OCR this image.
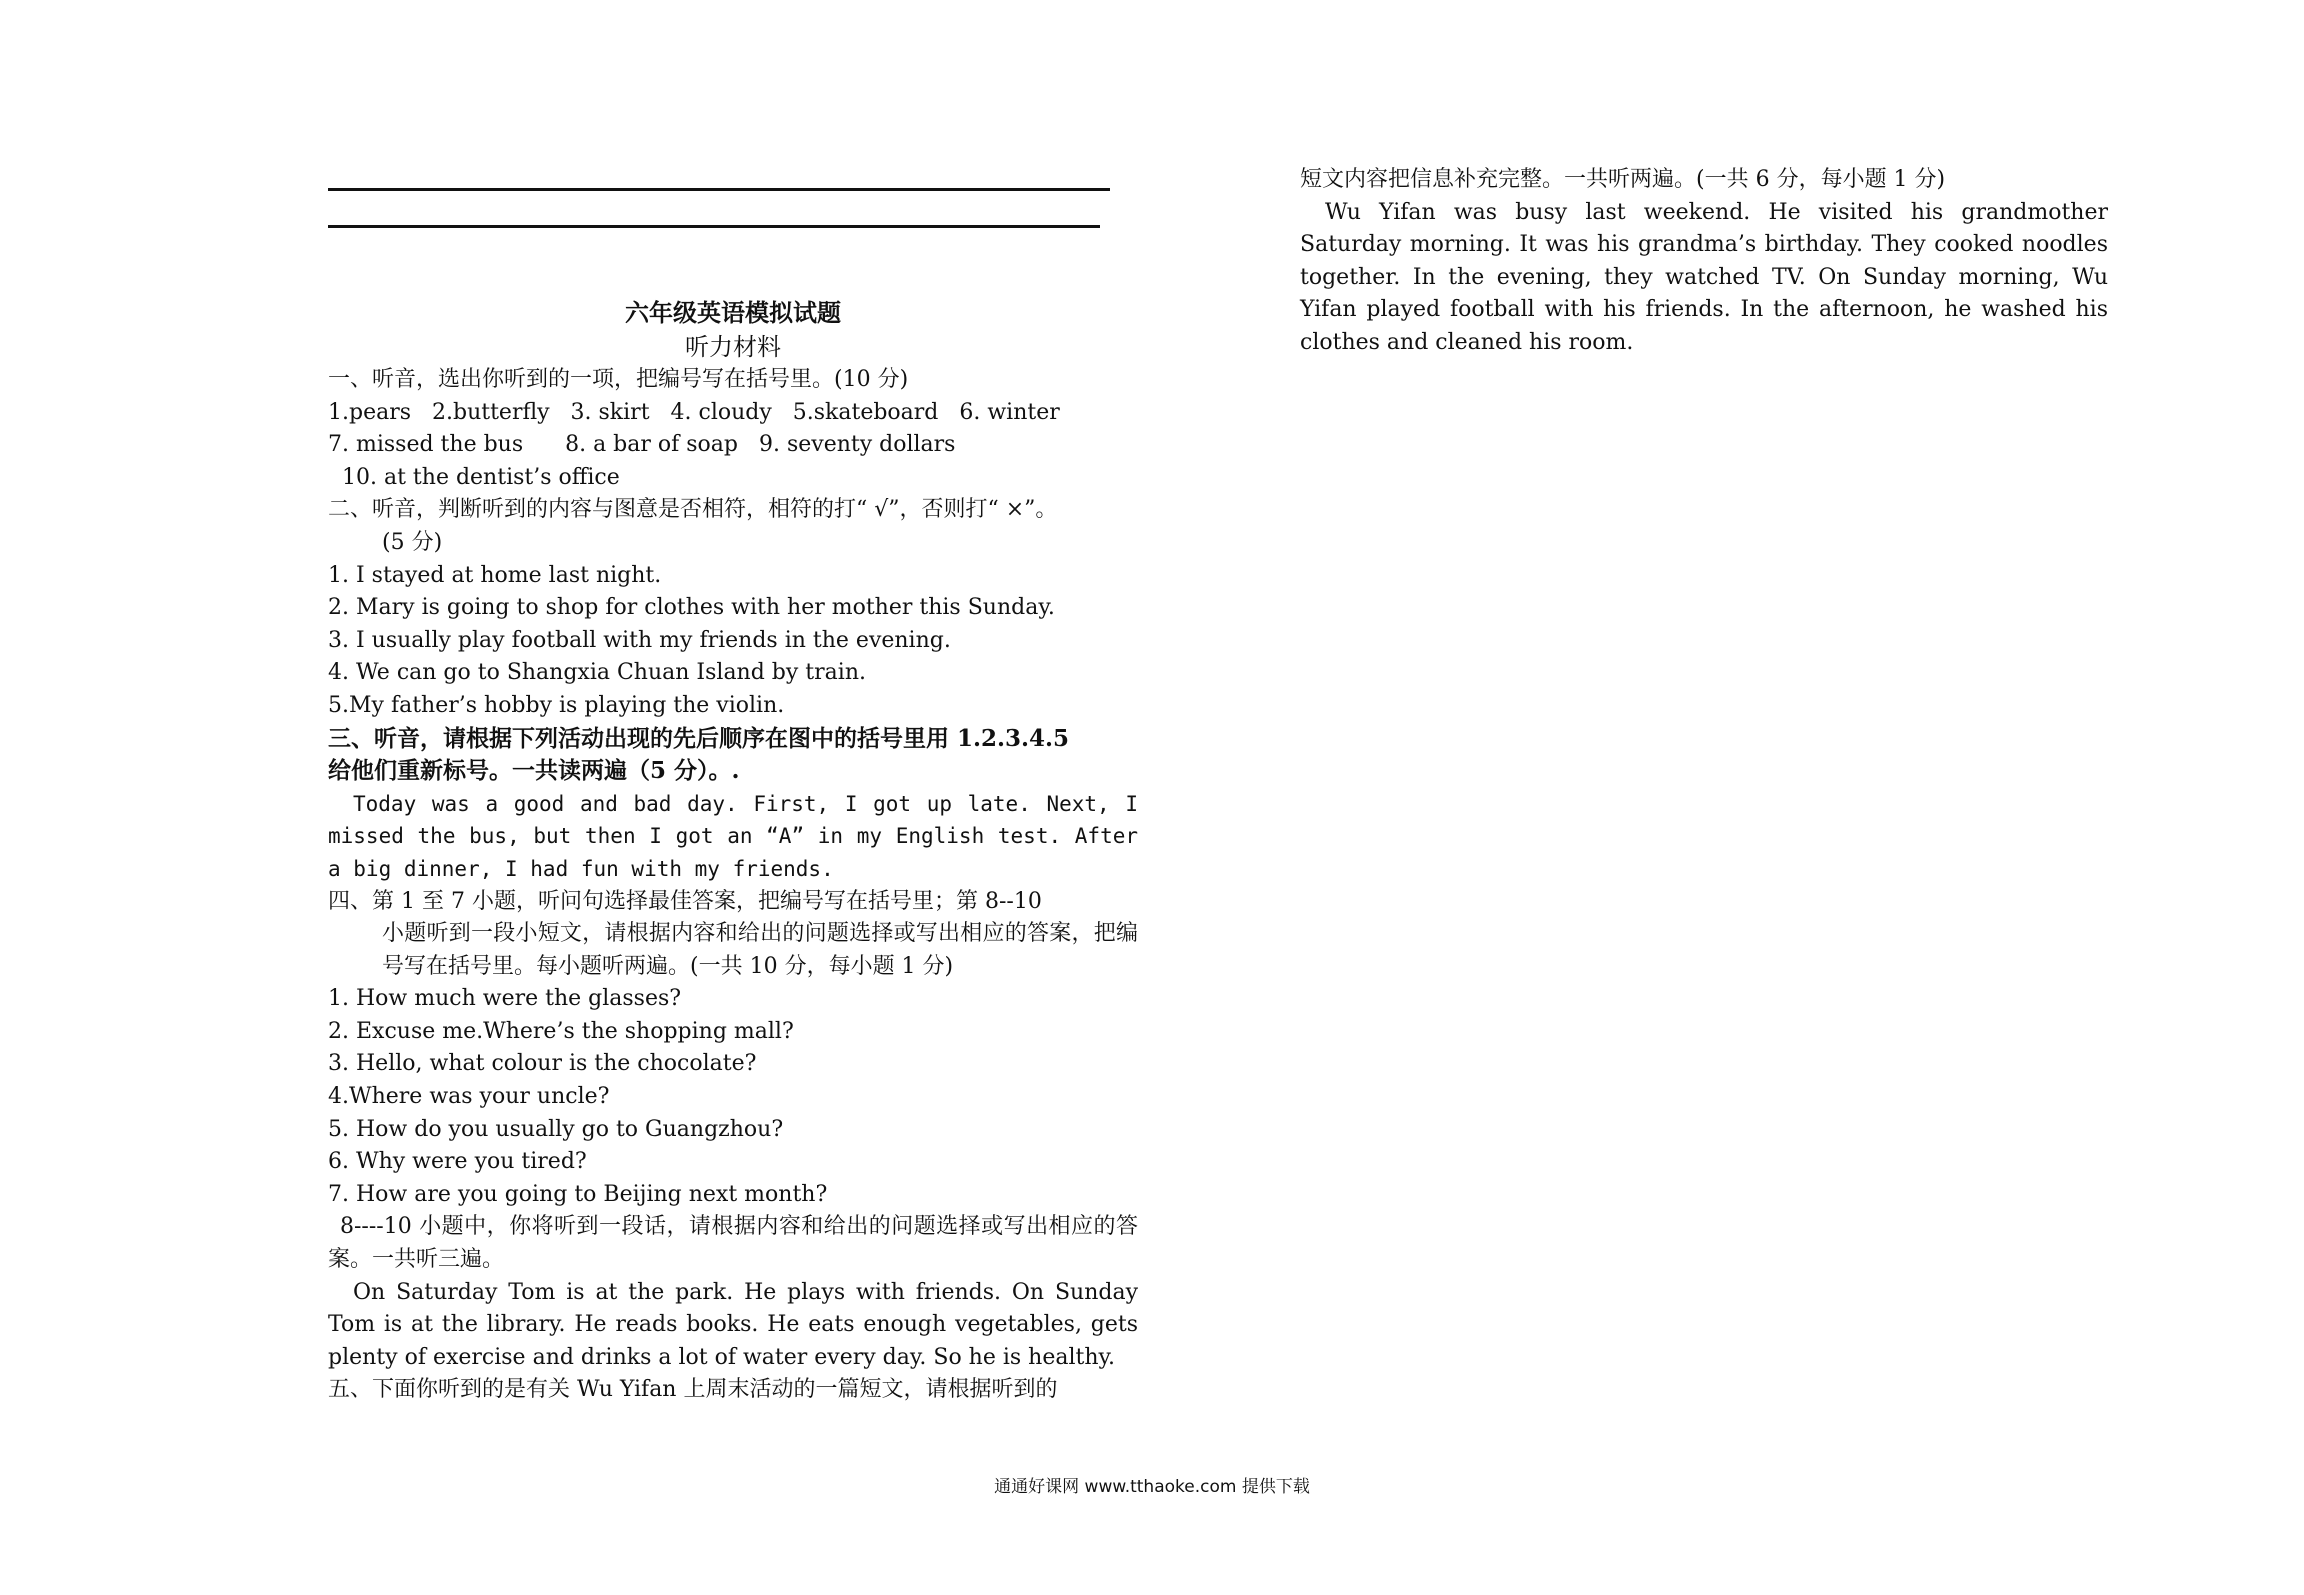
六年级英语模拟试题
听力材料
一、听音，选出你听到的一项，把编号写在括号里。(10 分)
1.pears   2.butterfly   3. skirt   4. cloudy   5.skateboard   6. winter
7. missed the bus      8. a bar of soap   9. seventy dollars
10. at the dentist’s office
二、听音，判断听到的内容与图意是否相符，相符的打“ √”，否则打“ ×”。
(5 分)
1. I stayed at home last night.
2. Mary is going to shop for clothes with her mother this Sunday.
3. I usually play football with my friends in the evening.
4. We can go to Shangxia Chuan Island by train.
5.My father’s hobby is playing the violin.
三、听音，请根据下列活动出现的先后顺序在图中的括号里用 1.2.3.4.5
给他们重新标号。一共读两遍（5 分）。.
Today was a good and bad day. First, I got up late. Next, I missed the bus, but then I got an “A” in my English test. After a big dinner, I had fun with my friends.
四、第 1 至 7 小题，听问句选择最佳答案，把编号写在括号里；第 8--10
小题听到一段小短文，请根据内容和给出的问题选择或写出相应的答案，把编号写在括号里。每小题听两遍。(一共 10 分，每小题 1 分)
1. How much were the glasses?
2. Excuse me.Where’s the shopping mall?
3. Hello, what colour is the chocolate?
4.Where was your uncle?
5. How do you usually go to Guangzhou?
6. Why were you tired?
7. How are you going to Beijing next month?
8----10 小题中，你将听到一段话，请根据内容和给出的问题选择或写出相应的答案。一共听三遍。
On Saturday Tom is at the park. He plays with friends. On Sunday Tom is at the library. He reads books. He eats enough vegetables, gets plenty of exercise and drinks a lot of water every day. So he is healthy.
五、下面你听到的是有关 Wu Yifan 上周末活动的一篇短文，请根据听到的
短文内容把信息补充完整。一共听两遍。(一共 6 分，每小题 1 分)
Wu Yifan was busy last weekend. He visited his grandmother Saturday morning. It was his grandma’s birthday. They cooked noodles together. In the evening, they watched TV. On Sunday morning, Wu Yifan played football with his friends. In the afternoon, he washed his clothes and cleaned his room.
通通好课网 www.tthaoke.com 提供下载
